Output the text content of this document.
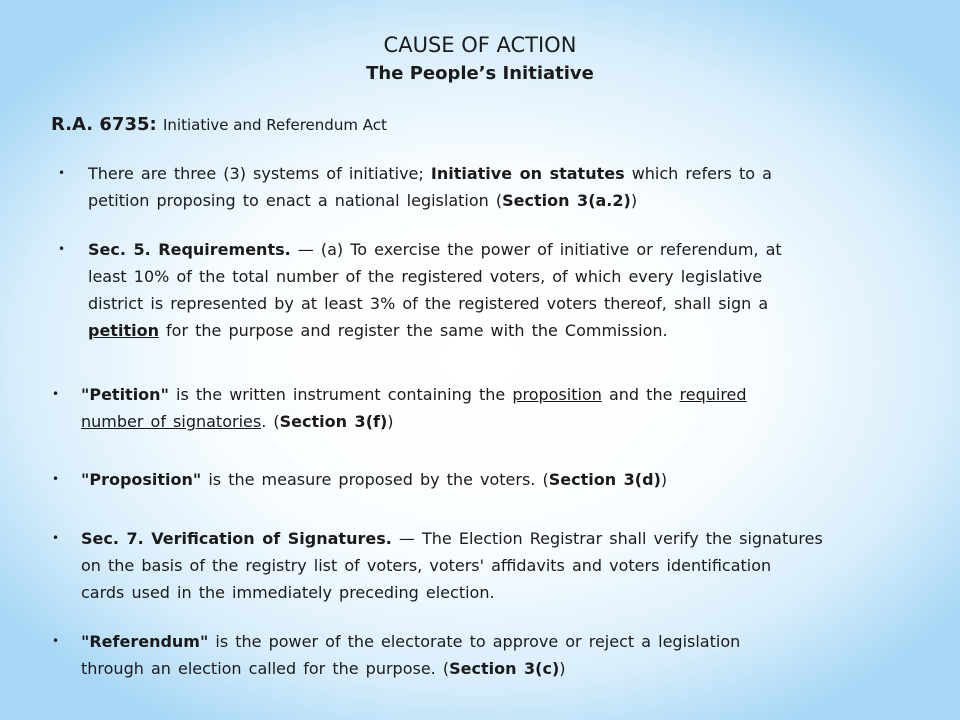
CAUSE OF ACTION
The People’s Initiative
R.A. 6735: Initiative and Referendum Act
• There are three (3) systems of initiative; Initiative on statutes which refers to a
petition proposing to enact a national legislation (Section 3(a.2))
• Sec. 5. Requirements. — (a) To exercise the power of initiative or referendum, at
least 10% of the total number of the registered voters, of which every legislative
district is represented by at least 3% of the registered voters thereof, shall sign a
petition for the purpose and register the same with the Commission.
• "Petition" is the written instrument containing the proposition and the required
number of signatories. (Section 3(f))
• "Proposition" is the measure proposed by the voters. (Section 3(d))
• Sec. 7. Verification of Signatures. — The Election Registrar shall verify the signatures
on the basis of the registry list of voters, voters' affidavits and voters identification
cards used in the immediately preceding election.
• "Referendum" is the power of the electorate to approve or reject a legislation
through an election called for the purpose. (Section 3(c))
